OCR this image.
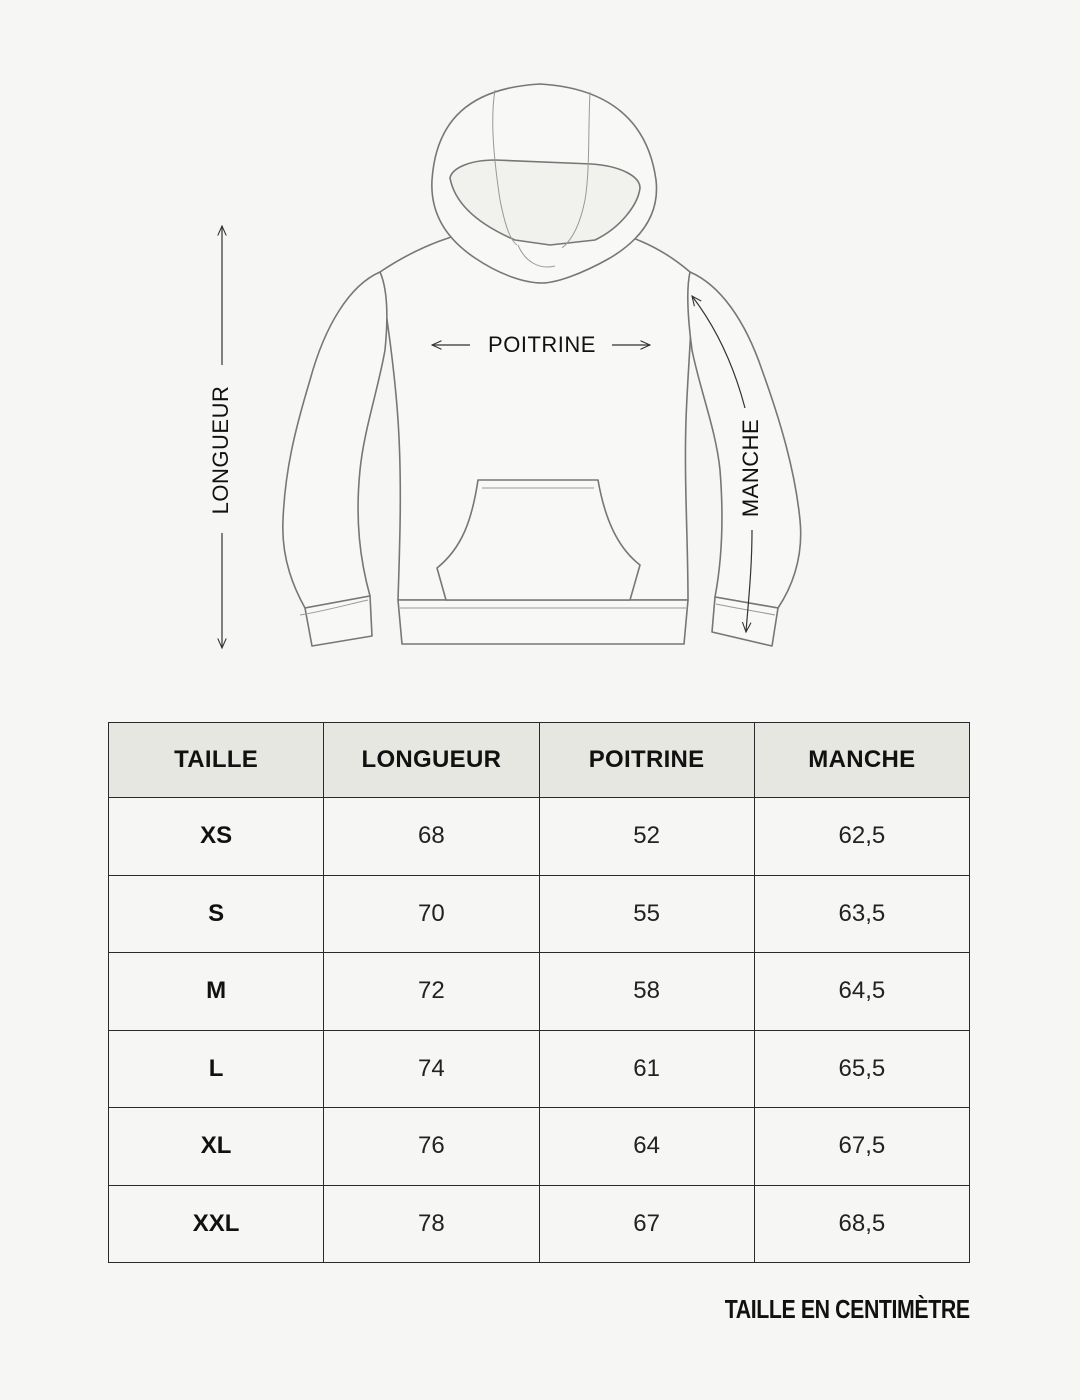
LONGUEUR
POITRINE
MANCHE
TAILLE	LONGUEUR	POITRINE	MANCHE
XS	68	52	62,5
S	70	55	63,5
M	72	58	64,5
L	74	61	65,5
XL	76	64	67,5
XXL	78	67	68,5
TAILLE EN CENTIMÈTRE
